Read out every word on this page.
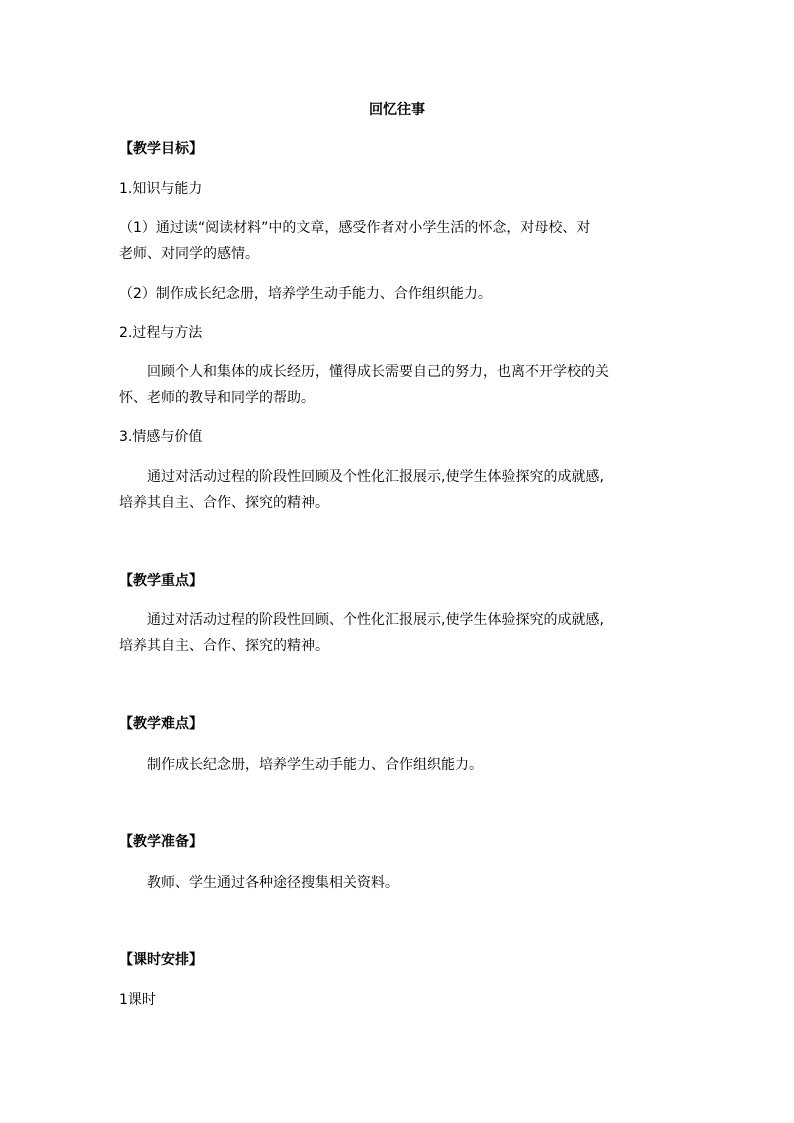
回忆往事
【教学目标】
1.知识与能力
（1）通过读“阅读材料”中的文章，感受作者对小学生活的怀念，对母校、对
老师、对同学的感情。
（2）制作成长纪念册，培养学生动手能力、合作组织能力。
2.过程与方法
回顾个人和集体的成长经历，懂得成长需要自己的努力，也离不开学校的关
怀、老师的教导和同学的帮助。
3.情感与价值
通过对活动过程的阶段性回顾及个性化汇报展示,使学生体验探究的成就感,
培养其自主、合作、探究的精神。
【教学重点】
通过对活动过程的阶段性回顾、个性化汇报展示,使学生体验探究的成就感,
培养其自主、合作、探究的精神。
【教学难点】
制作成长纪念册，培养学生动手能力、合作组织能力。
【教学准备】
教师、学生通过各种途径搜集相关资料。
【课时安排】
1课时
